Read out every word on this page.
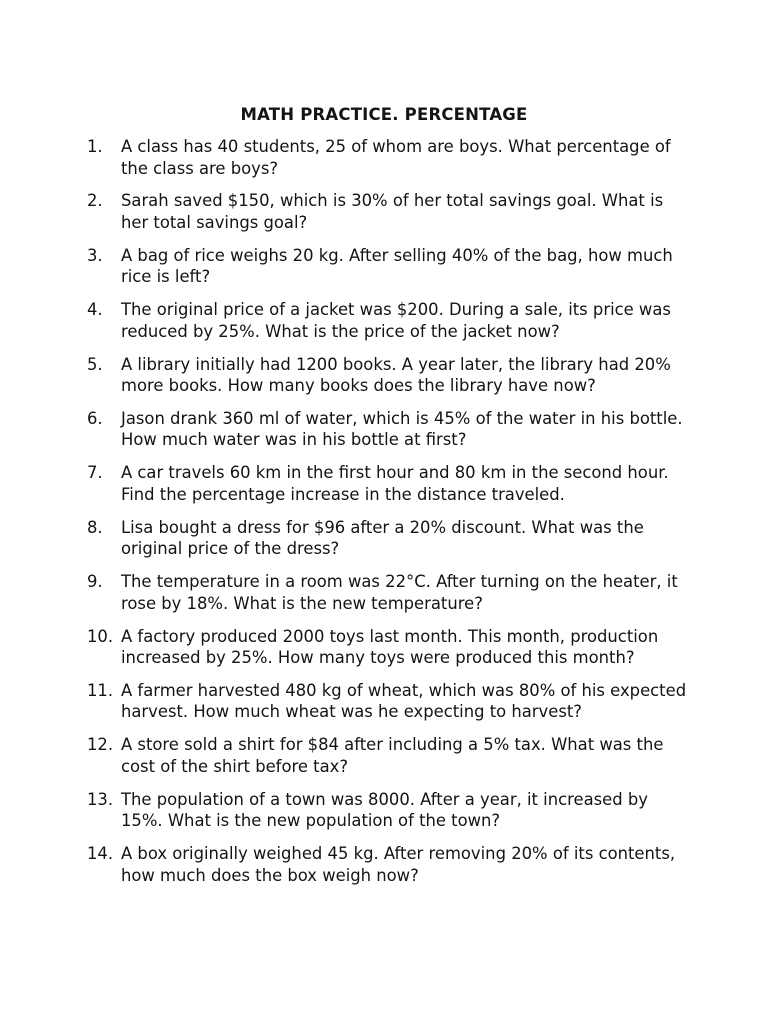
MATH PRACTICE. PERCENTAGE
1.	A class has 40 students, 25 of whom are boys. What percentage of the class are boys?
2.	Sarah saved $150, which is 30% of her total savings goal. What is her total savings goal?
3.	A bag of rice weighs 20 kg. After selling 40% of the bag, how much rice is left?
4.	The original price of a jacket was $200. During a sale, its price was reduced by 25%. What is the price of the jacket now?
5.	A library initially had 1200 books. A year later, the library had 20% more books. How many books does the library have now?
6.	Jason drank 360 ml of water, which is 45% of the water in his bottle. How much water was in his bottle at first?
7.	A car travels 60 km in the first hour and 80 km in the second hour. Find the percentage increase in the distance traveled.
8.	Lisa bought a dress for $96 after a 20% discount. What was the original price of the dress?
9.	The temperature in a room was 22°C. After turning on the heater, it rose by 18%. What is the new temperature?
10. A factory produced 2000 toys last month. This month, production increased by 25%. How many toys were produced this month?
11. A farmer harvested 480 kg of wheat, which was 80% of his expected harvest. How much wheat was he expecting to harvest?
12. A store sold a shirt for $84 after including a 5% tax. What was the cost of the shirt before tax?
13. The population of a town was 8000. After a year, it increased by 15%. What is the new population of the town?
14. A box originally weighed 45 kg. After removing 20% of its contents, how much does the box weigh now?
